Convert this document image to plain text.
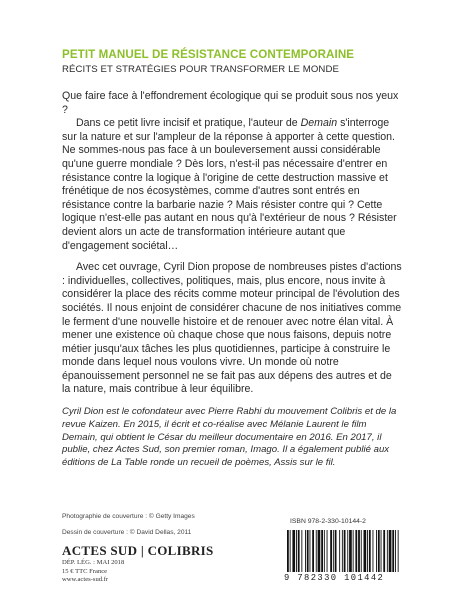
PETIT MANUEL DE RÉSISTANCE CONTEMPORAINE
RÉCITS ET STRATÉGIES POUR TRANSFORMER LE MONDE

Que faire face à l'effondrement écologique qui se produit sous nos yeux ?

Dans ce petit livre incisif et pratique, l'auteur de Demain s'interroge sur la nature et sur l'ampleur de la réponse à apporter à cette question. Ne sommes-nous pas face à un bouleversement aussi considérable qu'une guerre mondiale ? Dès lors, n'est-il pas nécessaire d'entrer en résistance contre la logique à l'origine de cette destruction massive et frénétique de nos écosystèmes, comme d'autres sont entrés en résistance contre la barbarie nazie ? Mais résister contre qui ? Cette logique n'est-elle pas autant en nous qu'à l'extérieur de nous ? Résister devient alors un acte de transformation intérieure autant que d'engagement sociétal…

Avec cet ouvrage, Cyril Dion propose de nombreuses pistes d'actions : individuelles, collectives, politiques, mais, plus encore, nous invite à considérer la place des récits comme moteur principal de l'évolution des sociétés. Il nous enjoint de considérer chacune de nos initiatives comme le ferment d'une nouvelle histoire et de renouer avec notre élan vital. À mener une existence où chaque chose que nous faisons, depuis notre métier jusqu'aux tâches les plus quotidiennes, participe à construire le monde dans lequel nous voulons vivre. Un monde où notre épanouissement personnel ne se fait pas aux dépens des autres et de la nature, mais contribue à leur équilibre.

Cyril Dion est le cofondateur avec Pierre Rabhi du mouvement Colibris et de la revue Kaizen. En 2015, il écrit et co-réalise avec Mélanie Laurent le film Demain, qui obtient le César du meilleur documentaire en 2016. En 2017, il publie, chez Actes Sud, son premier roman, Imago. Il a également publié aux éditions de La Table ronde un recueil de poèmes, Assis sur le fil.

Photographie de couverture : © Getty Images
Dessin de couverture : © David Dellas, 2011
ACTES SUD | COLIBRIS
DÉP. LÉG. : MAI 2018
15 € TTC France
www.actes-sud.fr
ISBN 978-2-330-10144-2
9 782330 101442
